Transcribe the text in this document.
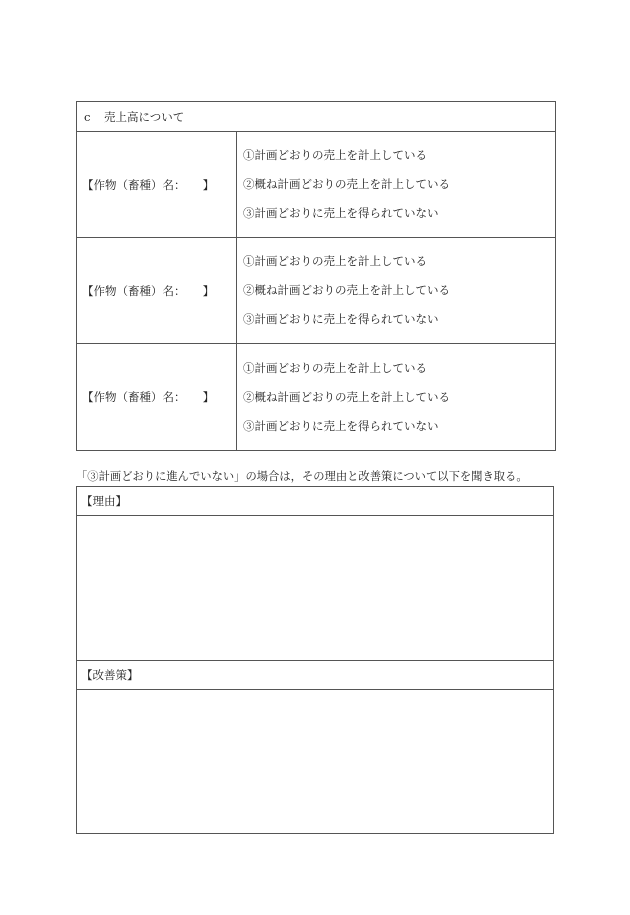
c	売上高について
【作物（畜種）名：　　】
①計画どおりの売上を計上している
②概ね計画どおりの売上を計上している
③計画どおりに売上を得られていない
【作物（畜種）名：　　】
①計画どおりの売上を計上している
②概ね計画どおりの売上を計上している
③計画どおりに売上を得られていない
【作物（畜種）名：　　】
①計画どおりの売上を計上している
②概ね計画どおりの売上を計上している
③計画どおりに売上を得られていない
「③計画どおりに進んでいない」の場合は，その理由と改善策について以下を聞き取る。
【理由】
【改善策】
